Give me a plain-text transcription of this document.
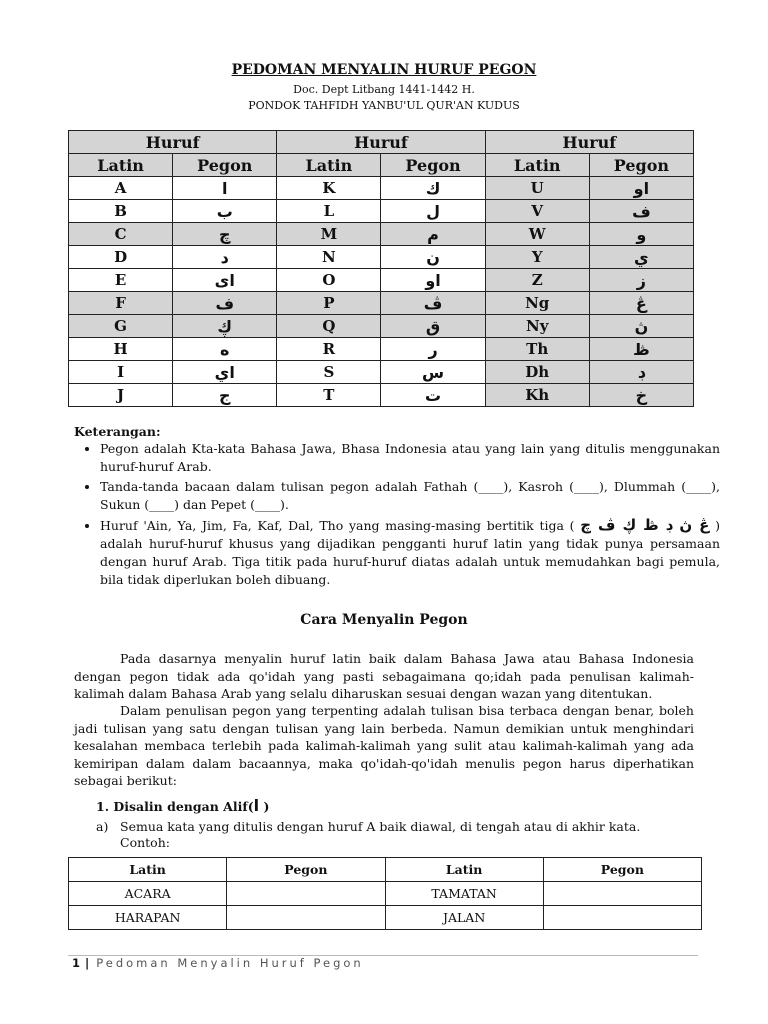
PEDOMAN MENYALIN HURUF PEGON
Doc. Dept Litbang 1441-1442 H.
PONDOK TAHFIDH YANBU'UL QUR'AN KUDUS
Huruf		Huruf		Huruf	
Latin	Pegon	Latin	Pegon	Latin	Pegon
A	ا	K	ك	U	او
B	ب	L	ل	V	ف
C	چ	M	م	W	و
D	د	N	ن	Y	ي
E	اى	O	او	Z	ز
F	ف	P	ڤ	Ng	ڠ
G	ڮ	Q	ق	Ny	ڽ
H	ه	R	ر	Th	ڟ
I	اي	S	س	Dh	ڊ
J	ج	T	ت	Kh	خ
Keterangan:
• Pegon adalah Kta-kata Bahasa Jawa, Bhasa Indonesia atau yang lain yang ditulis menggunakan huruf-huruf Arab.
• Tanda-tanda bacaan dalam tulisan pegon adalah Fathah (____), Kasroh (____), Dlummah (____), Sukun (____) dan Pepet (____).
• Huruf 'Ain, Ya, Jim, Fa, Kaf, Dal, Tho yang masing-masing bertitik tiga ( ڠ ڽ ڊ ڟ ڮ ڤ چ ) adalah huruf-huruf khusus yang dijadikan pengganti huruf latin yang tidak punya persamaan dengan huruf Arab. Tiga titik pada huruf-huruf diatas adalah untuk memudahkan bagi pemula, bila tidak diperlukan boleh dibuang.
Cara Menyalin Pegon

Pada dasarnya menyalin huruf latin baik dalam Bahasa Jawa atau Bahasa Indonesia dengan pegon tidak ada qo'idah yang pasti sebagaimana qo;idah pada penulisan kalimah-kalimah dalam Bahasa Arab yang selalu diharuskan sesuai dengan wazan yang ditentukan.

Dalam penulisan pegon yang terpenting adalah tulisan bisa terbaca dengan benar, boleh jadi tulisan yang satu dengan tulisan yang lain berbeda. Namun demikian untuk menghindari kesalahan membaca terlebih pada kalimah-kalimah yang sulit atau kalimah-kalimah yang ada kemiripan dalam dalam bacaannya, maka qo'idah-qo'idah menulis pegon harus diperhatikan sebagai berikut:

1. Disalin dengan Alif(ا )
a) Semua kata yang ditulis dengan huruf A baik diawal, di tengah atau di akhir kata.
Contoh:
Latin	Pegon	Latin	Pegon
ACARA		TAMATAN	
HARAPAN		JALAN	
1 | Pedoman Menyalin Huruf Pegon
